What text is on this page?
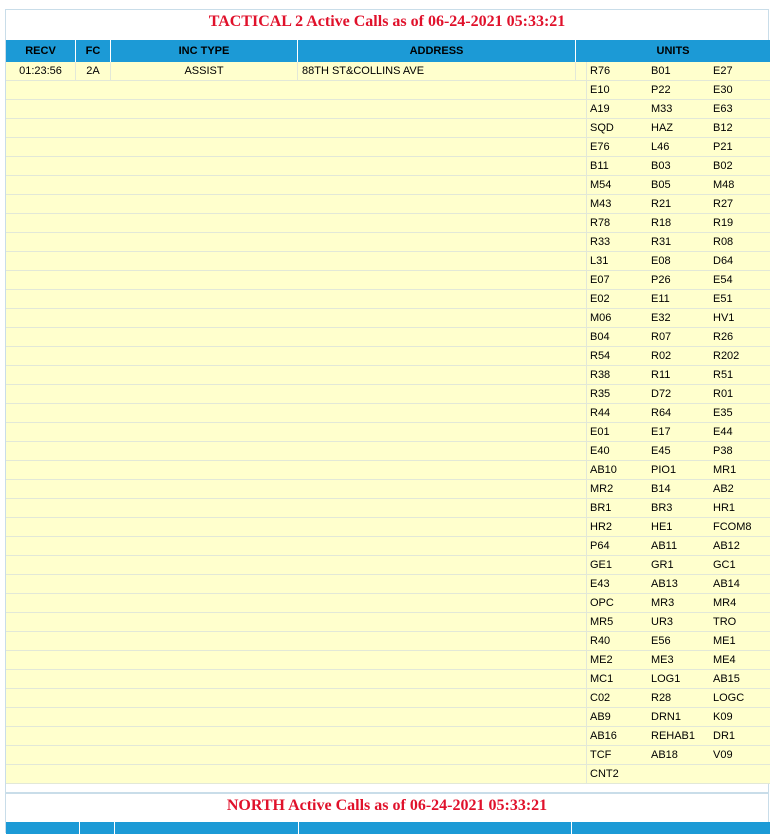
TACTICAL 2 Active Calls as of 06-24-2021 05:33:21
RECV	FC	INC TYPE	ADDRESS	UNITS
01:23:56	2A	ASSIST	88TH ST&COLLINS AVE	R76	B01	E27
E10	P22	E30
A19	M33	E63
SQD	HAZ	B12
E76	L46	P21
B11	B03	B02
M54	B05	M48
M43	R21	R27
R78	R18	R19
R33	R31	R08
L31	E08	D64
E07	P26	E54
E02	E11	E51
M06	E32	HV1
B04	R07	R26
R54	R02	R202
R38	R11	R51
R35	D72	R01
R44	R64	E35
E01	E17	E44
E40	E45	P38
AB10	PIO1	MR1
MR2	B14	AB2
BR1	BR3	HR1
HR2	HE1	FCOM8
P64	AB11	AB12
GE1	GR1	GC1
E43	AB13	AB14
OPC	MR3	MR4
MR5	UR3	TRO
R40	E56	ME1
ME2	ME3	ME4
MC1	LOG1	AB15
C02	R28	LOGC
AB9	DRN1	K09
AB16	REHAB1	DR1
TCF	AB18	V09
CNT2
NORTH Active Calls as of 06-24-2021 05:33:21
